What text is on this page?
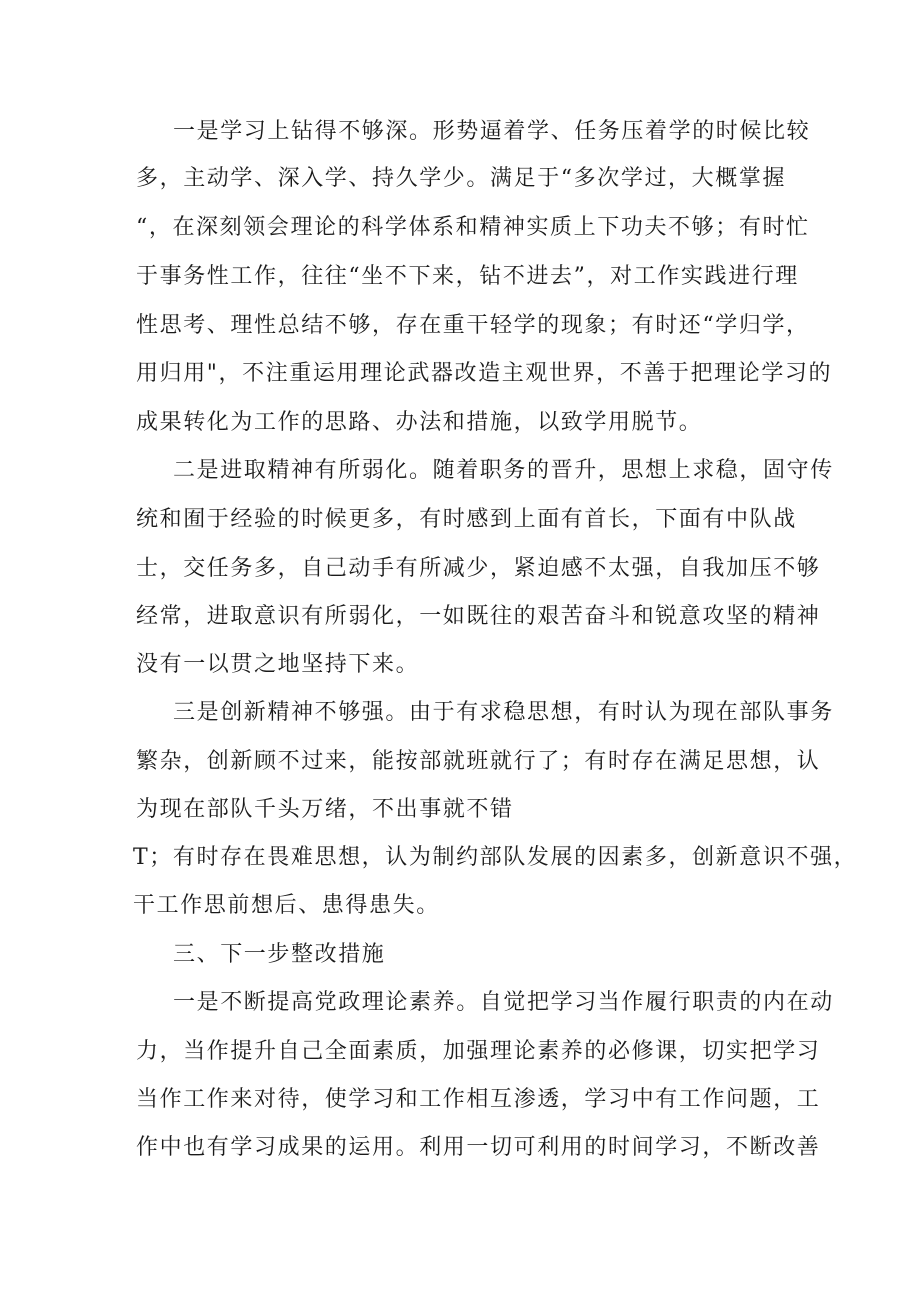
一是学习上钻得不够深。形势逼着学、任务压着学的时候比较
多，主动学、深入学、持久学少。满足于“多次学过，大概掌握
“，在深刻领会理论的科学体系和精神实质上下功夫不够；有时忙
于事务性工作，往往“坐不下来，钻不进去”，对工作实践进行理
性思考、理性总结不够，存在重干轻学的现象；有时还“学归学，
用归用"，不注重运用理论武器改造主观世界，不善于把理论学习的
成果转化为工作的思路、办法和措施，以致学用脱节。
二是进取精神有所弱化。随着职务的晋升，思想上求稳，固守传
统和囿于经验的时候更多，有时感到上面有首长，下面有中队战
士，交任务多，自己动手有所减少，紧迫感不太强，自我加压不够
经常，进取意识有所弱化，一如既往的艰苦奋斗和锐意攻坚的精神
没有一以贯之地坚持下来。
三是创新精神不够强。由于有求稳思想，有时认为现在部队事务
繁杂，创新顾不过来，能按部就班就行了；有时存在满足思想，认
为现在部队千头万绪，不出事就不错
T；有时存在畏难思想，认为制约部队发展的因素多，创新意识不强，
干工作思前想后、患得患失。
三、下一步整改措施
一是不断提高党政理论素养。自觉把学习当作履行职责的内在动
力，当作提升自己全面素质，加强理论素养的必修课，切实把学习
当作工作来对待，使学习和工作相互渗透，学习中有工作问题，工
作中也有学习成果的运用。利用一切可利用的时间学习，不断改善
